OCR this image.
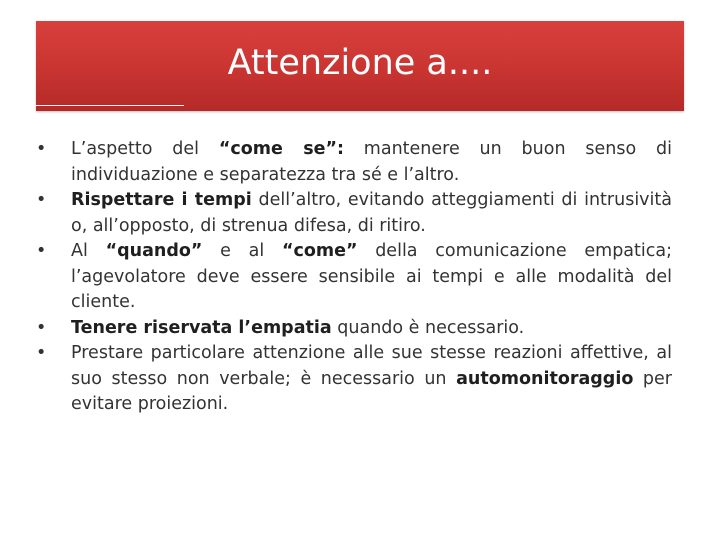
Attenzione a....
•	L’aspetto del “come se”: mantenere un buon senso di individuazione e separatezza tra sé e l’altro.
•	Rispettare i tempi dell’altro, evitando atteggiamenti di intrusività o, all’opposto, di strenua difesa, di ritiro.
•	Al “quando” e al “come” della comunicazione empatica; l’agevolatore deve essere sensibile ai tempi e alle modalità del cliente.
•	Tenere riservata l’empatia quando è necessario.
•	Prestare particolare attenzione alle sue stesse reazioni affettive, al suo stesso non verbale; è necessario un automonitoraggio per evitare proiezioni.
